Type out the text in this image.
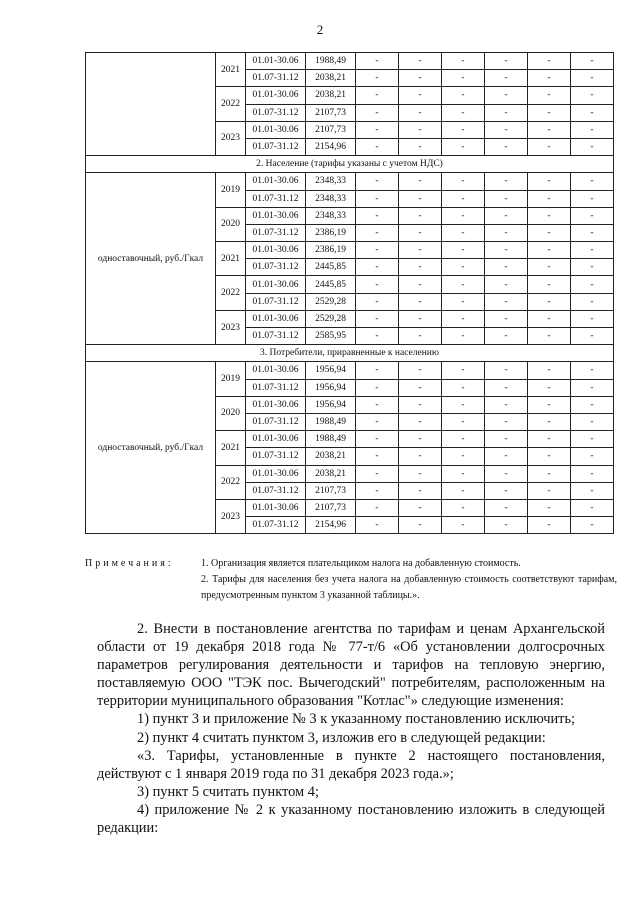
2
	2021	01.01-30.06	1988,49	-	-	-	-	-	-
		01.07-31.12	2038,21	-	-	-	-	-	-
	2022	01.01-30.06	2038,21	-	-	-	-	-	-
		01.07-31.12	2107,73	-	-	-	-	-	-
	2023	01.01-30.06	2107,73	-	-	-	-	-	-
		01.07-31.12	2154,96	-	-	-	-	-	-
2. Население (тарифы указаны с учетом НДС)									
одноставочный, руб./Гкал	2019	01.01-30.06	2348,33	-	-	-	-	-	-
		01.07-31.12	2348,33	-	-	-	-	-	-
	2020	01.01-30.06	2348,33	-	-	-	-	-	-
		01.07-31.12	2386,19	-	-	-	-	-	-
	2021	01.01-30.06	2386,19	-	-	-	-	-	-
		01.07-31.12	2445,85	-	-	-	-	-	-
	2022	01.01-30.06	2445,85	-	-	-	-	-	-
		01.07-31.12	2529,28	-	-	-	-	-	-
	2023	01.01-30.06	2529,28	-	-	-	-	-	-
		01.07-31.12	2585,95	-	-	-	-	-	-
3. Потребители, приравненные к населению									
одноставочный, руб./Гкал	2019	01.01-30.06	1956,94	-	-	-	-	-	-
		01.07-31.12	1956,94	-	-	-	-	-	-
	2020	01.01-30.06	1956,94	-	-	-	-	-	-
		01.07-31.12	1988,49	-	-	-	-	-	-
	2021	01.01-30.06	1988,49	-	-	-	-	-	-
		01.07-31.12	2038,21	-	-	-	-	-	-
	2022	01.01-30.06	2038,21	-	-	-	-	-	-
		01.07-31.12	2107,73	-	-	-	-	-	-
	2023	01.01-30.06	2107,73	-	-	-	-	-	-
		01.07-31.12	2154,96	-	-	-	-	-	-
Примечания:	1. Организация является плательщиком налога на добавленную стоимость.

2. Тарифы для населения без учета налога на добавленную стоимость соответствуют тарифам, предусмотренным пунктом 3 указанной таблицы.».

2. Внести в постановление агентства по тарифам и ценам Архангельской области от 19 декабря 2018 года № 77-т/6 «Об установлении долгосрочных параметров регулирования деятельности и тарифов на тепловую энергию, поставляемую ООО "ТЭК пос. Вычегодский" потребителям, расположенным на территории муниципального образования "Котлас"» следующие изменения:

1) пункт 3 и приложение № 3 к указанному постановлению исключить;

2) пункт 4 считать пунктом 3, изложив его в следующей редакции:

«3. Тарифы, установленные в пункте 2 настоящего постановления, действуют с 1 января 2019 года по 31 декабря 2023 года.»;

3) пункт 5 считать пунктом 4;

4) приложение № 2 к указанному постановлению изложить в следующей редакции:
